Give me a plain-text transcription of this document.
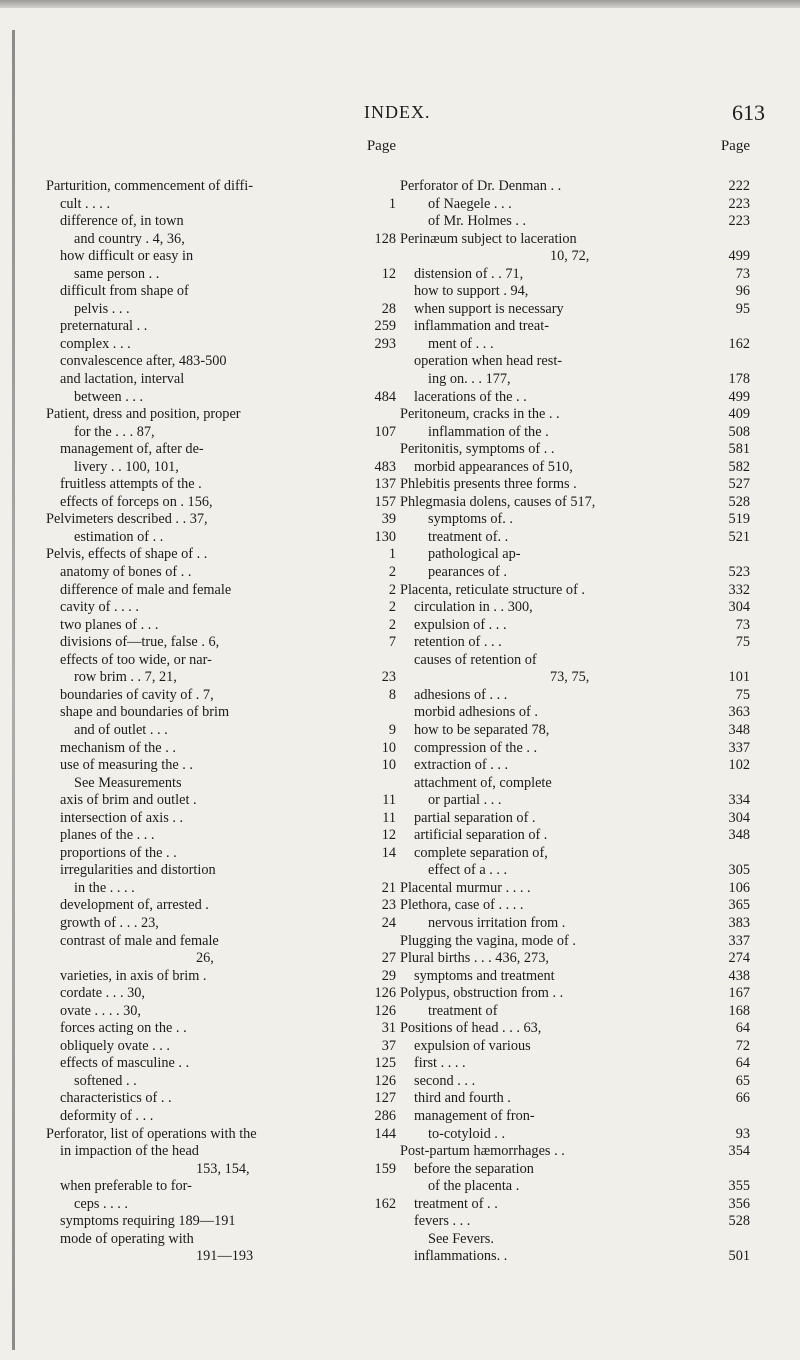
INDEX.	613
Page
Parturition, commencement of diffi-
cult . . . .	1
difference of, in town
and country . 4, 36,	128
how difficult or easy in
same person . .	12
difficult from shape of
pelvis . . .	28
preternatural . .	259
complex . . .	293
convalescence after, 483-500
and lactation, interval
between . . .	484
Patient, dress and position, proper
for the . . . 87,	107
management of, after de-
livery . . 100, 101,	483
fruitless attempts of the .	137
effects of forceps on . 156,	157
Pelvimeters described . . 37,	39
estimation of . .	130
Pelvis, effects of shape of . .	1
anatomy of bones of . .	2
difference of male and female	2
cavity of . . . .	2
two planes of . . .	2
divisions of—true, false . 6,	7
effects of too wide, or nar-
row brim . . 7, 21,	23
boundaries of cavity of . 7,	8
shape and boundaries of brim
and of outlet . . .	9
mechanism of the . .	10
use of measuring the . .	10
See Measurements
axis of brim and outlet .	11
intersection of axis . .	11
planes of the . . .	12
proportions of the . .	14
irregularities and distortion
in the . . . .	21
development of, arrested .	23
growth of . . . 23,	24
contrast of male and female
26,	27
varieties, in axis of brim .	29
cordate . . . 30,	126
ovate . . . . 30,	126
forces acting on the . .	31
obliquely ovate . . .	37
effects of masculine . .	125
softened . .	126
characteristics of . .	127
deformity of . . .	286
Perforator, list of operations with the	144
in impaction of the head
153, 154,	159
when preferable to for-
ceps . . . .	162
symptoms requiring 189—191
mode of operating with
191—193
Page
Perforator of Dr. Denman . .	222
of Naegele . . .	223
of Mr. Holmes . .	223
Perinæum subject to laceration
10, 72,	499
distension of . . 71,	73
how to support . 94,	96
when support is necessary	95
inflammation and treat-
ment of . . .	162
operation when head rest-
ing on. . . 177,	178
lacerations of the . .	499
Peritoneum, cracks in the . .	409
inflammation of the .	508
Peritonitis, symptoms of . .	581
morbid appearances of 510,	582
Phlebitis presents three forms .	527
Phlegmasia dolens, causes of 517,	528
symptoms of. .	519
treatment of. .	521
pathological ap-
pearances of .	523
Placenta, reticulate structure of .	332
circulation in . . 300,	304
expulsion of . . .	73
retention of . . .	75
causes of retention of
73, 75,	101
adhesions of . . .	75
morbid adhesions of .	363
how to be separated 78,	348
compression of the . .	337
extraction of . . .	102
attachment of, complete
or partial . . .	334
partial separation of .	304
artificial separation of .	348
complete separation of,
effect of a . . .	305
Placental murmur . . . .	106
Plethora, case of . . . .	365
nervous irritation from .	383
Plugging the vagina, mode of .	337
Plural births . . . 436, 273,	274
symptoms and treatment	438
Polypus, obstruction from . .	167
treatment of	168
Positions of head . . . 63,	64
expulsion of various	72
first . . . .	64
second . . .	65
third and fourth .	66
management of fron-
to-cotyloid . .	93
Post-partum hæmorrhages . .	354
before the separation
of the placenta .	355
treatment of . .	356
fevers . . .	528
See Fevers.
inflammations. .	501
